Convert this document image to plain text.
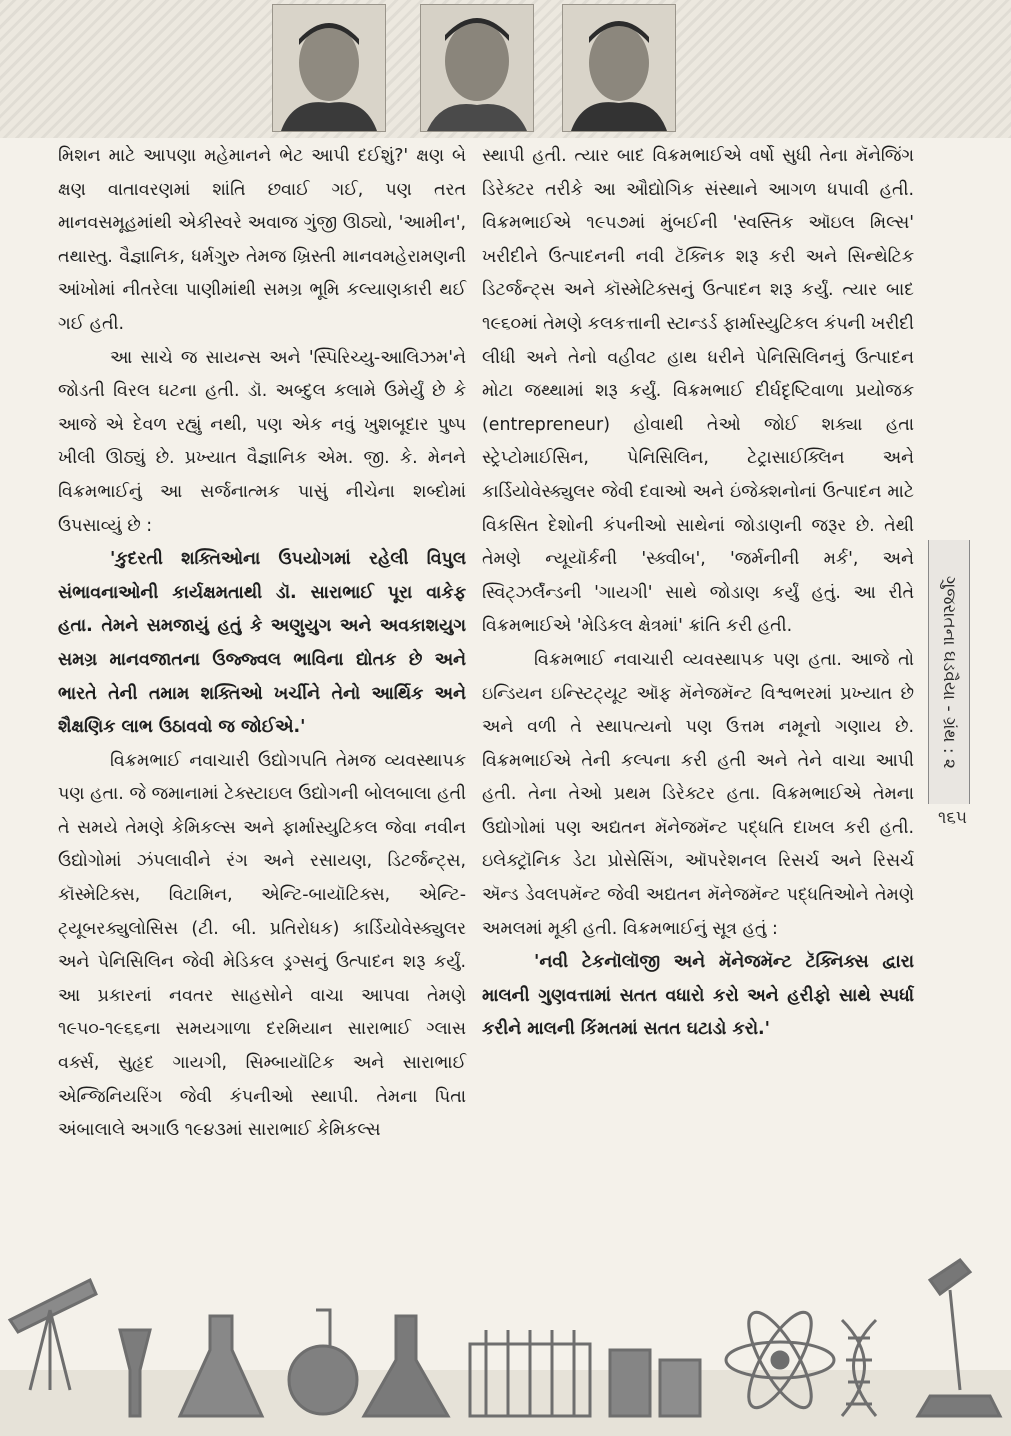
મિશન માટે આપણા મહેમાનને ભેટ આપી દઈશું?' ક્ષણ બે ક્ષણ વાતાવરણમાં શાંતિ છવાઈ ગઈ, પણ તરત માનવસમૂહમાંથી એકીસ્વરે અવાજ ગુંજી ઊઠ્યો, 'આમીન', તથાસ્તુ. વૈજ્ઞાનિક, ધર્મગુરુ તેમજ ખ્રિસ્તી માનવમહેરામણની આંખોમાં નીતરેલા પાણીમાંથી સમગ્ર ભૂમિ કલ્યાણકારી થઈ ગઈ હતી.

આ સાચે જ સાયન્સ અને 'સ્પિરિચ્યુ-આલિઝમ'ને જોડતી વિરલ ઘટના હતી. ડૉ. અબ્દુલ કલામે ઉમેર્યું છે કે આજે એ દેવળ રહ્યું નથી, પણ એક નવું ખુશબૂદાર પુષ્પ ખીલી ઊઠ્યું છે. પ્રખ્યાત વૈજ્ઞાનિક એમ. જી. કે. મેનને વિક્રમભાઈનું આ સર્જનાત્મક પાસું નીચેના શબ્દોમાં ઉપસાવ્યું છે :

'કુદરતી શક્તિઓના ઉપયોગમાં રહેલી વિપુલ સંભાવનાઓની કાર્યક્ષમતાથી ડૉ. સારાભાઈ પૂરા વાકેફ હતા. તેમને સમજાયું હતું કે અણુયુગ અને અવકાશયુગ સમગ્ર માનવજાતના ઉજ્જ્વલ ભાવિના દ્યોતક છે અને ભારતે તેની તમામ શક્તિઓ ખર્ચીને તેનો આર્થિક અને શૈક્ષણિક લાભ ઉઠાવવો જ જોઈએ.'

વિક્રમભાઈ નવાચારી ઉદ્યોગપતિ તેમજ વ્યવસ્થાપક પણ હતા. જે જમાનામાં ટેક્સ્ટાઇલ ઉદ્યોગની બોલબાલા હતી તે સમયે તેમણે કેમિકલ્સ અને ફાર્માસ્યુટિકલ જેવા નવીન ઉદ્યોગોમાં ઝંપલાવીને રંગ અને રસાયણ, ડિટર્જન્ટ્સ, કૉસ્મેટિક્સ, વિટામિન, એન્ટિ-બાયૉટિક્સ, એન્ટિ-ટ્યૂબરક્યુલોસિસ (ટી. બી. પ્રતિરોધક) કાર્ડિયોવેસ્ક્યુલર અને પેનિસિલિન જેવી મેડિકલ ડ્રગ્સનું ઉત્પાદન શરૂ કર્યું. આ પ્રકારનાં નવતર સાહસોને વાચા આપવા તેમણે ૧૯૫૦-૧૯૬૬ના સમયગાળા દરમિયાન સારાભાઈ ગ્લાસ વર્ક્સ, સુહૃદ ગાયગી, સિમ્બાયૉટિક અને સારાભાઈ એન્જિનિયરિંગ જેવી કંપનીઓ સ્થાપી. તેમના પિતા અંબાલાલે અગાઉ ૧૯૪૩માં સારાભાઈ કેમિકલ્સ

સ્થાપી હતી. ત્યાર બાદ વિક્રમભાઈએ વર્ષો સુધી તેના મૅનેજિંગ ડિરેક્ટર તરીકે આ ઔદ્યોગિક સંસ્થાને આગળ ધપાવી હતી. વિક્રમભાઈએ ૧૯૫૭માં મુંબઈની 'સ્વસ્તિક ઑઇલ મિલ્સ' ખરીદીને ઉત્પાદનની નવી ટૅક્નિક શરૂ કરી અને સિન્થેટિક ડિટર્જન્ટ્સ અને કૉસ્મેટિક્સનું ઉત્પાદન શરૂ કર્યું. ત્યાર બાદ ૧૯૬૦માં તેમણે કલકત્તાની સ્ટાન્ડર્ડ ફાર્માસ્યુટિકલ કંપની ખરીદી લીધી અને તેનો વહીવટ હાથ ધરીને પેનિસિલિનનું ઉત્પાદન મોટા જથ્થામાં શરૂ કર્યું. વિક્રમભાઈ દીર્ઘદૃષ્ટિવાળા પ્રયોજક (entrepreneur) હોવાથી તેઓ જોઈ શક્યા હતા સ્ટ્રેપ્ટોમાઈસિન, પેનિસિલિન, ટેટ્રાસાઈક્લિન અને કાર્ડિયોવેસ્ક્યુલર જેવી દવાઓ અને ઇંજેક્શનોનાં ઉત્પાદન માટે વિકસિત દેશોની કંપનીઓ સાથેનાં જોડાણની જરૂર છે. તેથી તેમણે ન્યૂયૉર્કની 'સ્ક્વીબ', 'જર્મનીની મર્ક', અને સ્વિટ્ઝર્લૅન્ડની 'ગાયગી' સાથે જોડાણ કર્યું હતું. આ રીતે વિક્રમભાઈએ 'મેડિકલ ક્ષેત્રમાં' ક્રાંતિ કરી હતી.

વિક્રમભાઈ નવાચારી વ્યવસ્થાપક પણ હતા. આજે તો ઇન્ડિયન ઇન્સ્ટિટ્યૂટ ઑફ મૅનેજમૅન્ટ વિશ્વભરમાં પ્રખ્યાત છે અને વળી તે સ્થાપત્યનો પણ ઉત્તમ નમૂનો ગણાય છે. વિક્રમભાઈએ તેની કલ્પના કરી હતી અને તેને વાચા આપી હતી. તેના તેઓ પ્રથમ ડિરેક્ટર હતા. વિક્રમભાઈએ તેમના ઉદ્યોગોમાં પણ અદ્યતન મૅનેજમૅન્ટ પદ્ધતિ દાખલ કરી હતી. ઇલેક્ટ્રૉનિક ડેટા પ્રોસેસિંગ, ઑપરેશનલ રિસર્ચ અને રિસર્ચ ઍન્ડ ડેવલપમૅન્ટ જેવી અદ્યતન મૅનેજમૅન્ટ પદ્ધતિઓને તેમણે અમલમાં મૂકી હતી. વિક્રમભાઈનું સૂત્ર હતું :

'નવી ટેકનૉલૉજી અને મૅનેજમૅન્ટ ટૅક્નિક્સ દ્વારા માલની ગુણવત્તામાં સતત વધારો કરો અને હરીફો સાથે સ્પર્ધા કરીને માલની કિંમતમાં સતત ઘટાડો કરો.'

ગુજરાતના ઘડવૈયા - ગ્રંથ : ૨
૧૬૫
